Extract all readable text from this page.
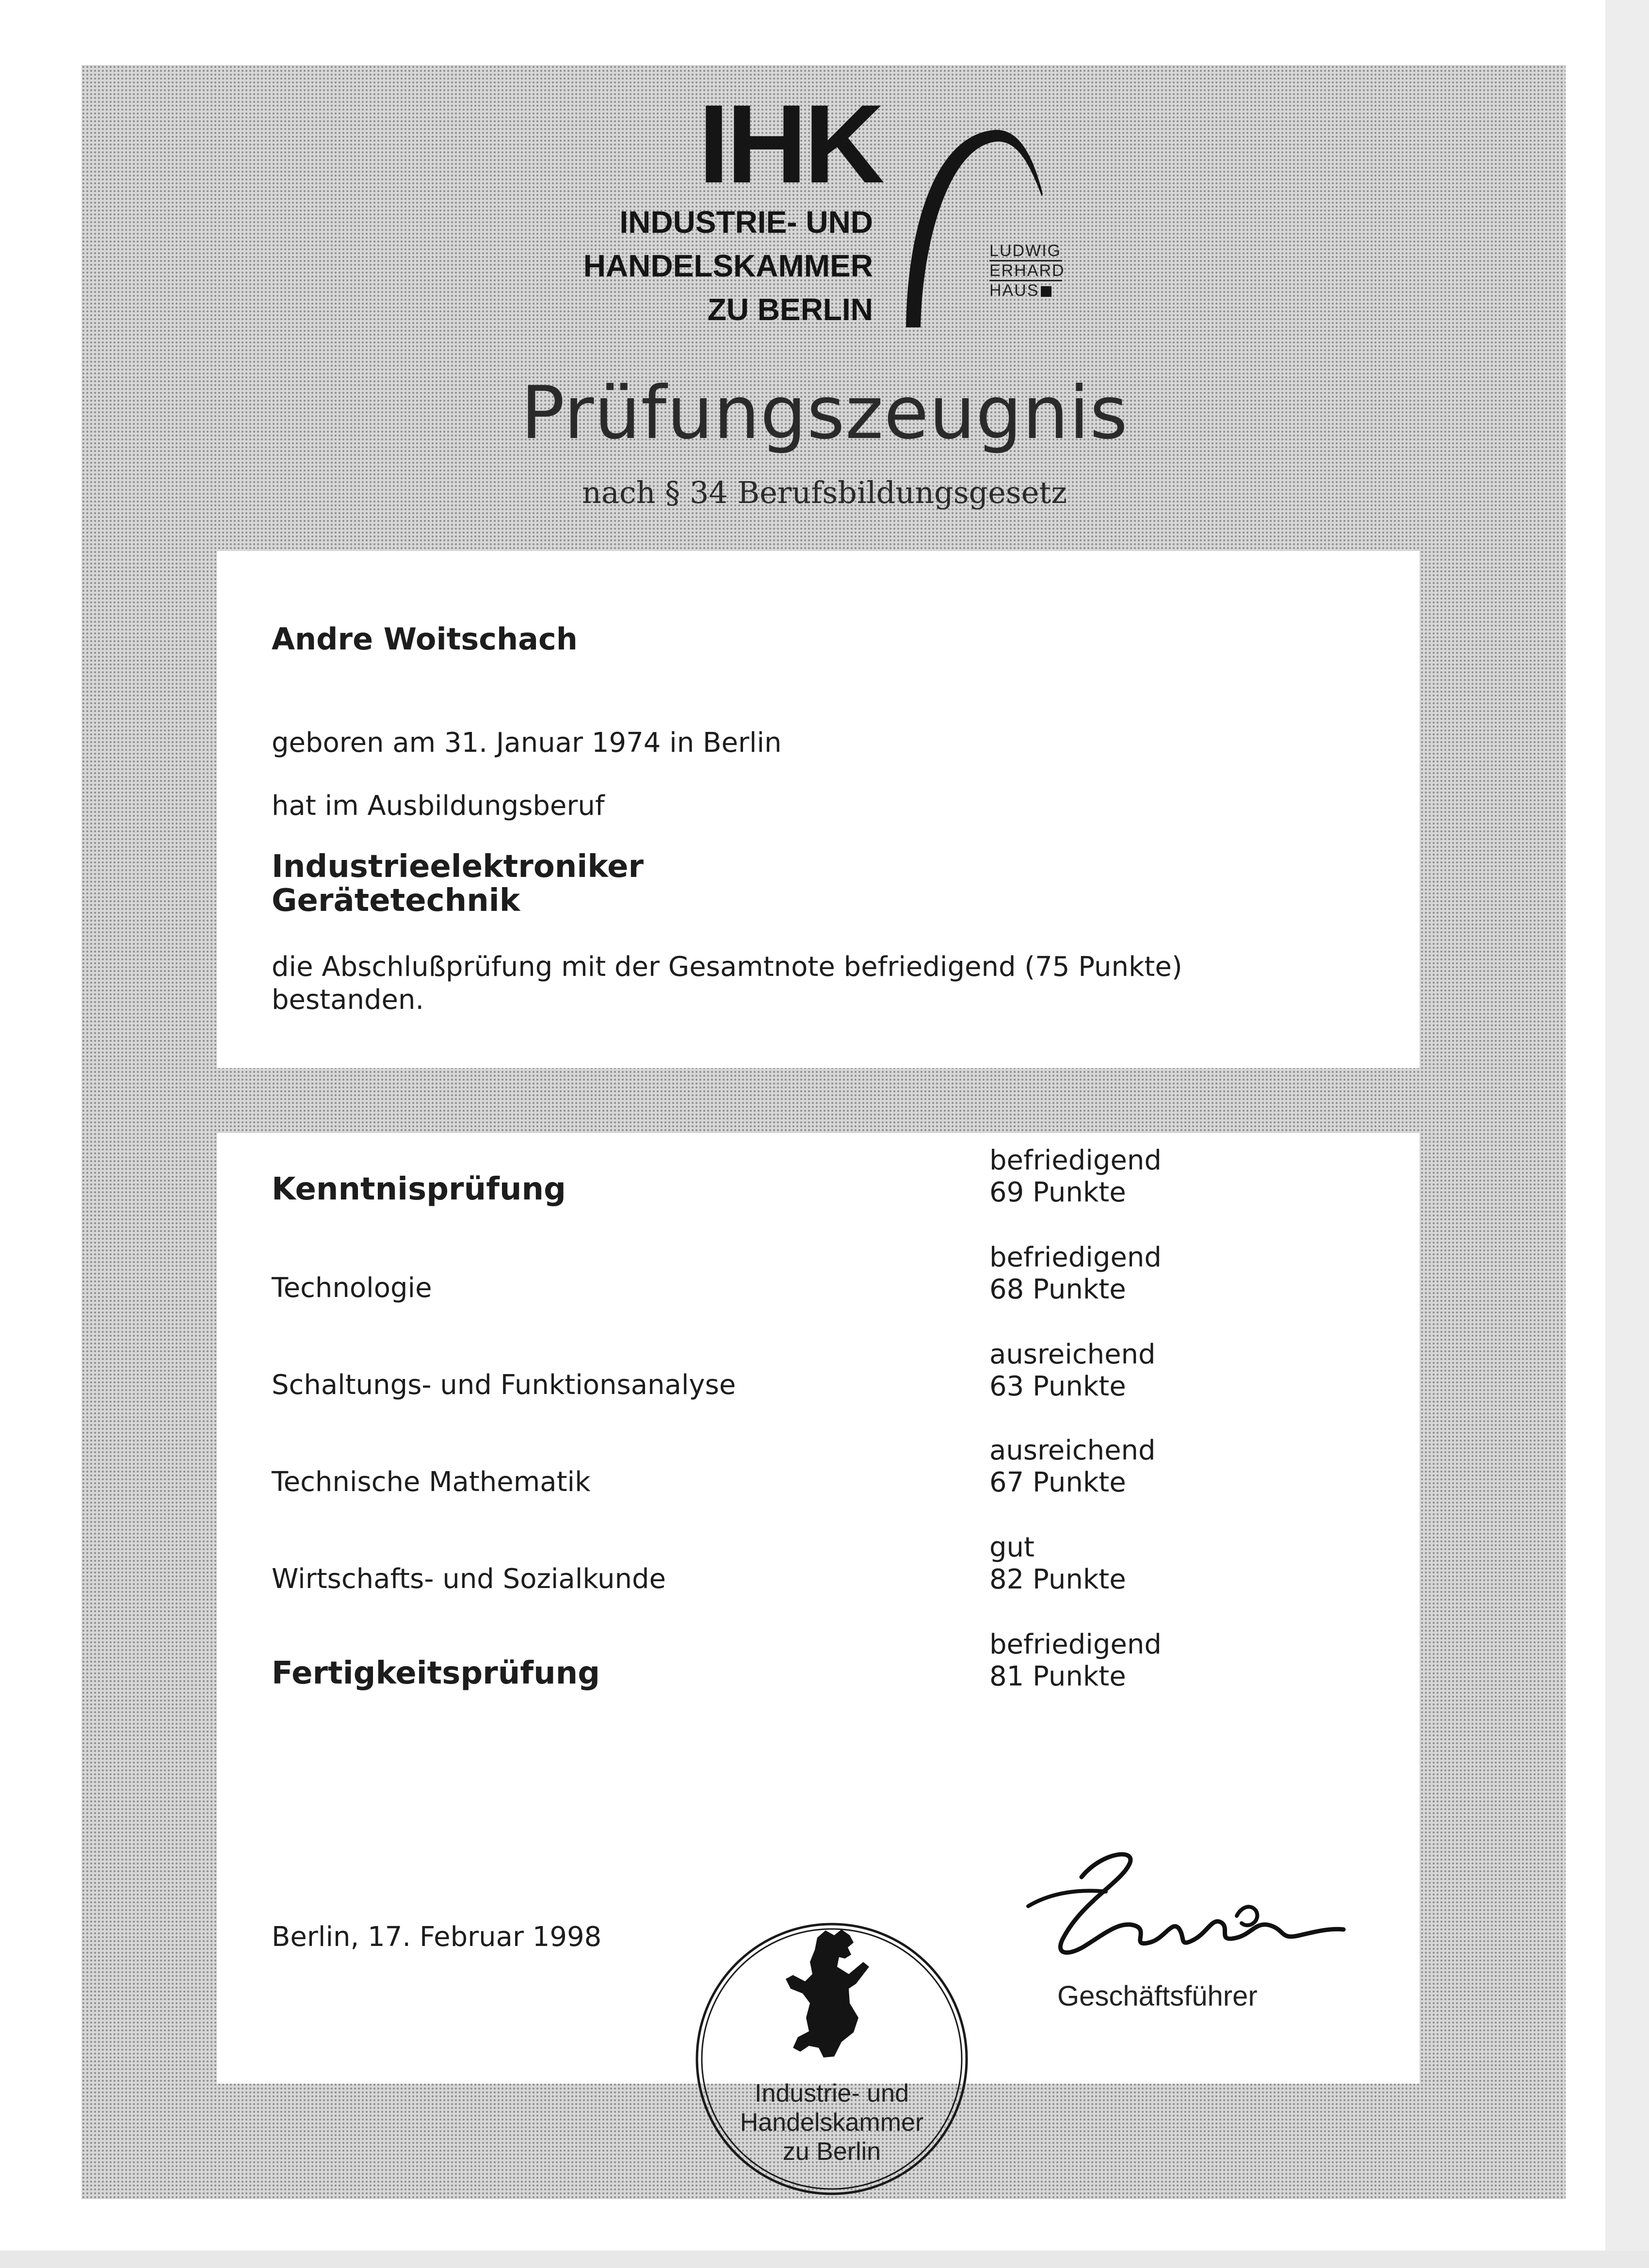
IHK
INDUSTRIE- UND
HANDELSKAMMER
ZU BERLIN
LUDWIG
ERHARD
HAUS
Prüfungszeugnis
nach § 34 Berufsbildungsgesetz
Andre Woitschach
geboren am 31. Januar 1974 in Berlin
hat im Ausbildungsberuf
Industrieelektroniker
Gerätetechnik
die Abschlußprüfung mit der Gesamtnote befriedigend (75 Punkte) bestanden.
Kenntnisprüfung
befriedigend
69 Punkte
Technologie
befriedigend
68 Punkte
Schaltungs- und Funktionsanalyse
ausreichend
63 Punkte
Technische Mathematik
ausreichend
67 Punkte
Wirtschafts- und Sozialkunde
gut
82 Punkte
Fertigkeitsprüfung
befriedigend
81 Punkte
Berlin, 17. Februar 1998
Geschäftsführer
Industrie- und
Handelskammer
zu Berlin
